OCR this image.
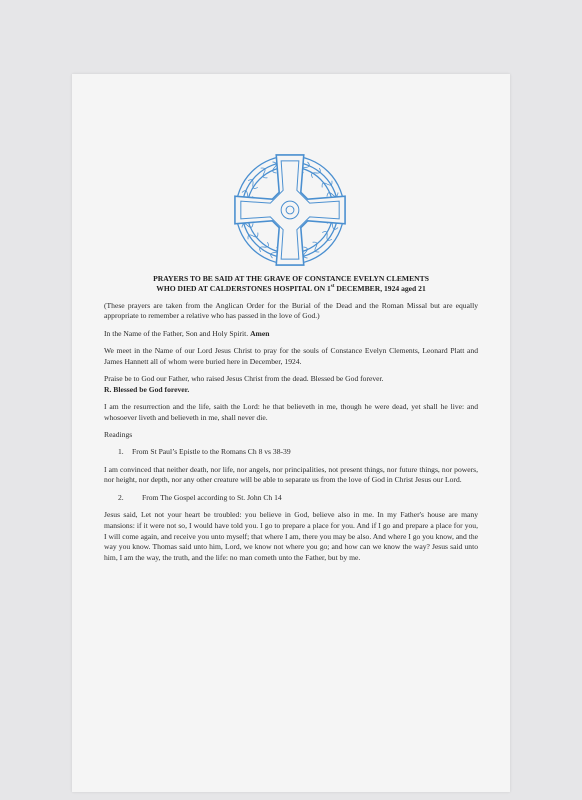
PRAYERS TO BE SAID AT THE GRAVE OF CONSTANCE EVELYN CLEMENTS
WHO DIED AT CALDERSTONES HOSPITAL ON 1st DECEMBER, 1924 aged 21

(These prayers are taken from the Anglican Order for the Burial of the Dead and the Roman Missal but are equally appropriate to remember a relative who has passed in the love of God.)

In the Name of the Father, Son and Holy Spirit. Amen

We meet in the Name of our Lord Jesus Christ to pray for the souls of Constance Evelyn Clements, Leonard Platt and James Hannett all of whom were buried here in December, 1924.

Praise be to God our Father, who raised Jesus Christ from the dead. Blessed be God forever.
R. Blessed be God forever.

I am the resurrection and the life, saith the Lord: he that believeth in me, though he were dead, yet shall he live: and whosoever liveth and believeth in me, shall never die.

Readings

1. From St Paul’s Epistle to the Romans Ch 8 vs 38-39

I am convinced that neither death, nor life, nor angels, nor principalities, not present things, nor future things, nor powers, nor height, nor depth, nor any other creature will be able to separate us from the love of God in Christ Jesus our Lord.

2. From The Gospel according to St. John Ch 14

Jesus said, Let not your heart be troubled: you believe in God, believe also in me. In my Father's house are many mansions: if it were not so, I would have told you. I go to prepare a place for you. And if I go and prepare a place for you, I will come again, and receive you unto myself; that where I am, there you may be also. And where I go you know, and the way you know. Thomas said unto him, Lord, we know not where you go; and how can we know the way? Jesus said unto him, I am the way, the truth, and the life: no man cometh unto the Father, but by me.
